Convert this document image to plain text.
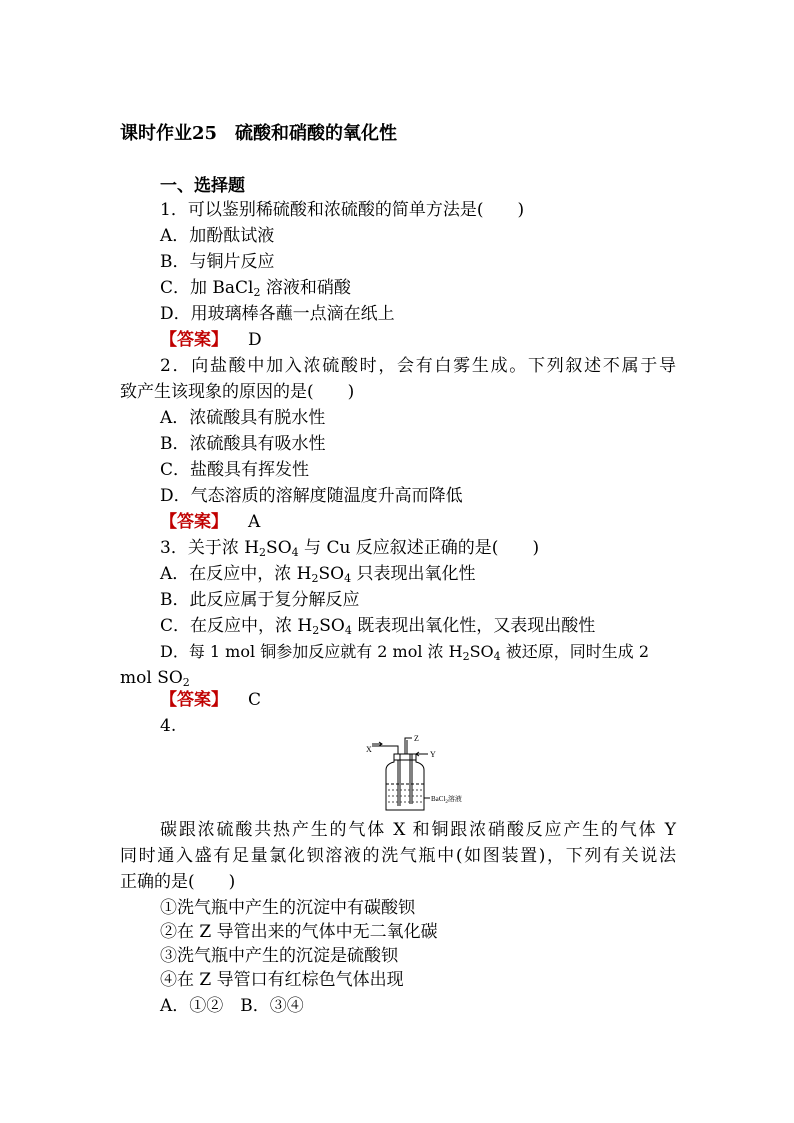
课时作业25　硫酸和硝酸的氧化性
一、选择题
1．可以鉴别稀硫酸和浓硫酸的简单方法是(　　)
A．加酚酞试液
B．与铜片反应
C．加 BaCl$_2$ 溶液和硝酸
D．用玻璃棒各蘸一点滴在纸上
【答案】 D
2．向盐酸中加入浓硫酸时，会有白雾生成。下列叙述不属于导
致产生该现象的原因的是(　　)
A．浓硫酸具有脱水性
B．浓硫酸具有吸水性
C．盐酸具有挥发性
D．气态溶质的溶解度随温度升高而降低
【答案】 A
3．关于浓 $H_2SO_4$ 与 Cu 反应叙述正确的是(　　)
A．在反应中，浓 $H_2SO_4$ 只表现出氧化性
B．此反应属于复分解反应
C．在反应中，浓 $H_2SO_4$ 既表现出氧化性，又表现出酸性
D．每 1 mol 铜参加反应就有 2 mol 浓 $H_2SO_4$ 被还原，同时生成 2
mol $SO_2$
【答案】 C
4.
X
Y
Z
BaCl$_2$溶液
碳跟浓硫酸共热产生的气体 X 和铜跟浓硝酸反应产生的气体 Y
同时通入盛有足量氯化钡溶液的洗气瓶中(如图装置)，下列有关说法
正确的是(　　)
①洗气瓶中产生的沉淀中有碳酸钡
②在 Z 导管出来的气体中无二氧化碳
③洗气瓶中产生的沉淀是硫酸钡
④在 Z 导管口有红棕色气体出现
A．①②　B．③④
